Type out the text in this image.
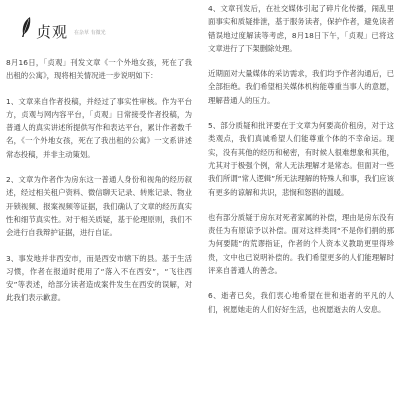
贞观 在杂草 有微光
8月16日，「贞观」刊发文章《一个外地女孩，死在了我出租的公寓》，现将相关情况进一步说明如下：
1、文章来自作者投稿，并经过了事实性审核。作为平台方，贞观与网内容平台，「贞观」日常接受作者投稿，为普通人的真实讲述所提供写作和表达平台，累计作者数千名，《一个外地女孩，死在了我出租的公寓》一文系讲述常态投稿，并非主动策划。
2、文章为作者作为房东这一普通人身份和视角的经历叙述，经过相关租户资料、微信聊天记录、转账记录、物业开锁视频、报案视频等证据，我们确认了文章的经历真实性和细节真实性。对于相关质疑，基于伦理原则，我们不会进行自我辩护证据，进行自证。
3、事发地并非西安市，而是西安市辖下的县。基于生活习惯，作者在报道时使用了“落入不在西安”，“飞往西安”等表述，给部分读者造成案件发生在西安的误解，对此我们表示歉意。
4、文章刊发后，在社交媒体引起了碎片化传播，闹乱里面事实和质疑排泄，基于服务读者，保护作者，避免读者错误地过度解读等考虑，8月18日下午，「贞观」已将这文章进行了下架删除处理。
近期面对大量媒体的采访需求，我们均予作者沟通后，已全部拒绝。我们希望相关媒体机构能尊重当事人的意愿，理解普通人的压力。
5、部分质疑和批评要在于文章为何要高价租房，对于这类观点，我们真诚希望人们能尊重个体的不幸命运。现实，没有其他的经历和秘密，有时候人很难想象和其他，尤其对于极强个例，常人无法理解才是常态。但面对一些我们所谓“常人逻辑”所无法理解的特殊人和事，我们应该有更多的谅解和共识，悲悯和怒斟的温暖。
也有部分质疑于房东对死者家属的补偿，理由是房东没有责任为有原谅予以补偿。面对这样类同“不是你们捐的那为何要随”的荒谬指证，作者的个人资本义教助更里得珍贵，文中也已说明补偿的。我们希望更多的人们能理解时评来自普通人的善念。
6、逝者已矣，我们衷心地希望在世和逝者的平凡的人们，祝愿她走的人们好好生活，也祝愿逝去的人安息。
